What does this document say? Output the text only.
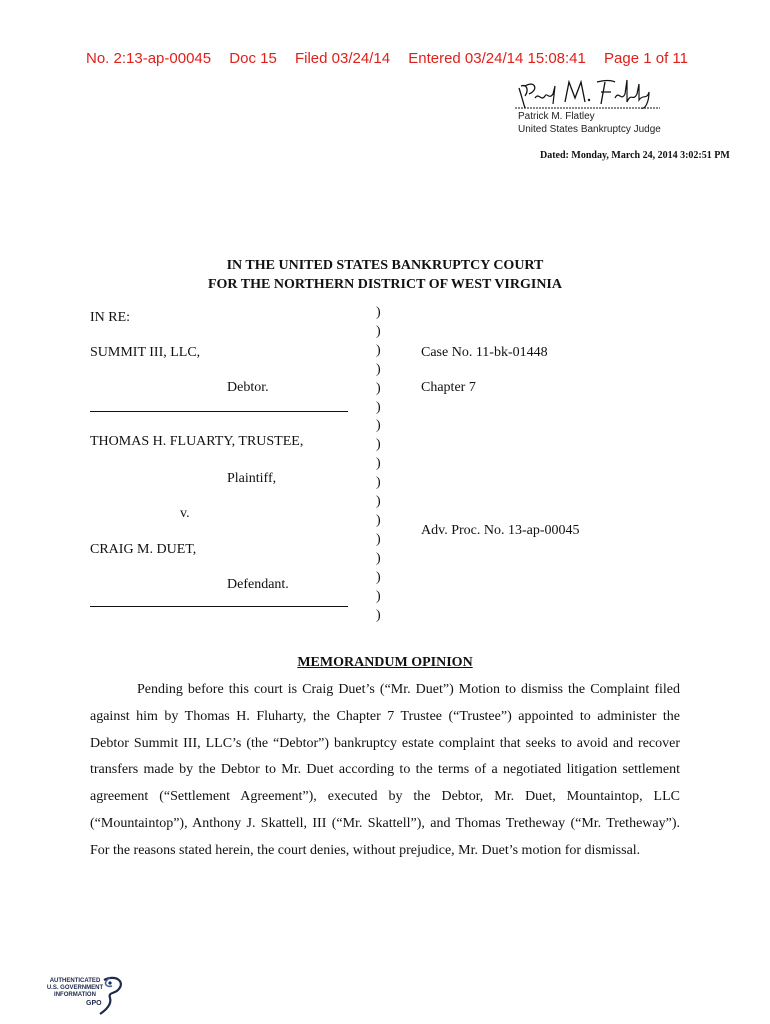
No. 2:13-ap-00045 Doc 15 Filed 03/24/14 Entered 03/24/14 15:08:41 Page 1 of 11
Patrick M. Flatley
United States Bankruptcy Judge
Dated: Monday, March 24, 2014 3:02:51 PM
IN THE UNITED STATES BANKRUPTCY COURT
FOR THE NORTHERN DISTRICT OF WEST VIRGINIA
IN RE:
SUMMIT III, LLC,
Debtor.
THOMAS H. FLUARTY, TRUSTEE,
Plaintiff,
v.
CRAIG M. DUET,
Defendant.
)
)
)
)
)
)
)
)
)
)
)
)
)
)
)
)
)
Case No. 11-bk-01448
Chapter 7
Adv. Proc. No. 13-ap-00045
MEMORANDUM OPINION
Pending before this court is Craig Duet’s (“Mr. Duet”) Motion to dismiss the Complaint filed against him by Thomas H. Fluharty, the Chapter 7 Trustee (“Trustee”) appointed to administer the Debtor Summit III, LLC’s (the “Debtor”) bankruptcy estate complaint that seeks to avoid and recover transfers made by the Debtor to Mr. Duet according to the terms of a negotiated litigation settlement agreement (“Settlement Agreement”), executed by the Debtor, Mr. Duet, Mountaintop, LLC (“Mountaintop”), Anthony J. Skattell, III (“Mr. Skattell”), and Thomas Tretheway (“Mr. Tretheway”). For the reasons stated herein, the court denies, without prejudice, Mr. Duet’s motion for dismissal.
AUTHENTICATED
U.S. GOVERNMENT
INFORMATION
GPO
